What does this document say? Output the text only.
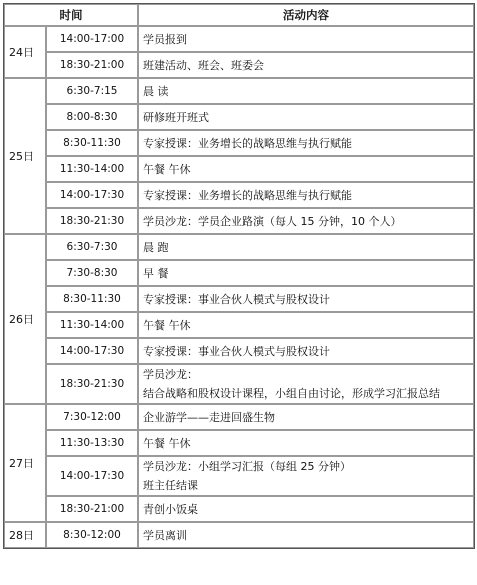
时间		活动内容
24日	14:00-17:00	学员报到

	18:30-21:00	班建活动、班会、班委会

25日	6:30-7:15	晨 读

	8:00-8:30	研修班开班式

	8:30-11:30	专家授课：业务增长的战略思维与执行赋能

	11:30-14:00	午餐 午休

	14:00-17:30	专家授课：业务增长的战略思维与执行赋能

	18:30-21:30	学员沙龙：学员企业路演（每人 15 分钟，10 个人）

26日	6:30-7:30	晨 跑

	7:30-8:30	早 餐

	8:30-11:30	专家授课：事业合伙人模式与股权设计

	11:30-14:00	午餐 午休

	14:00-17:30	专家授课：事业合伙人模式与股权设计

	18:30-21:30	学员沙龙：
结合战略和股权设计课程，小组自由讨论，形成学习汇报总结

27日	7:30-12:00	企业游学——走进回盛生物

	11:30-13:30	午餐 午休

	14:00-17:30	学员沙龙：小组学习汇报（每组 25 分钟）
班主任结课

	18:30-21:00	青创小饭桌

28日	8:30-12:00	学员离训
